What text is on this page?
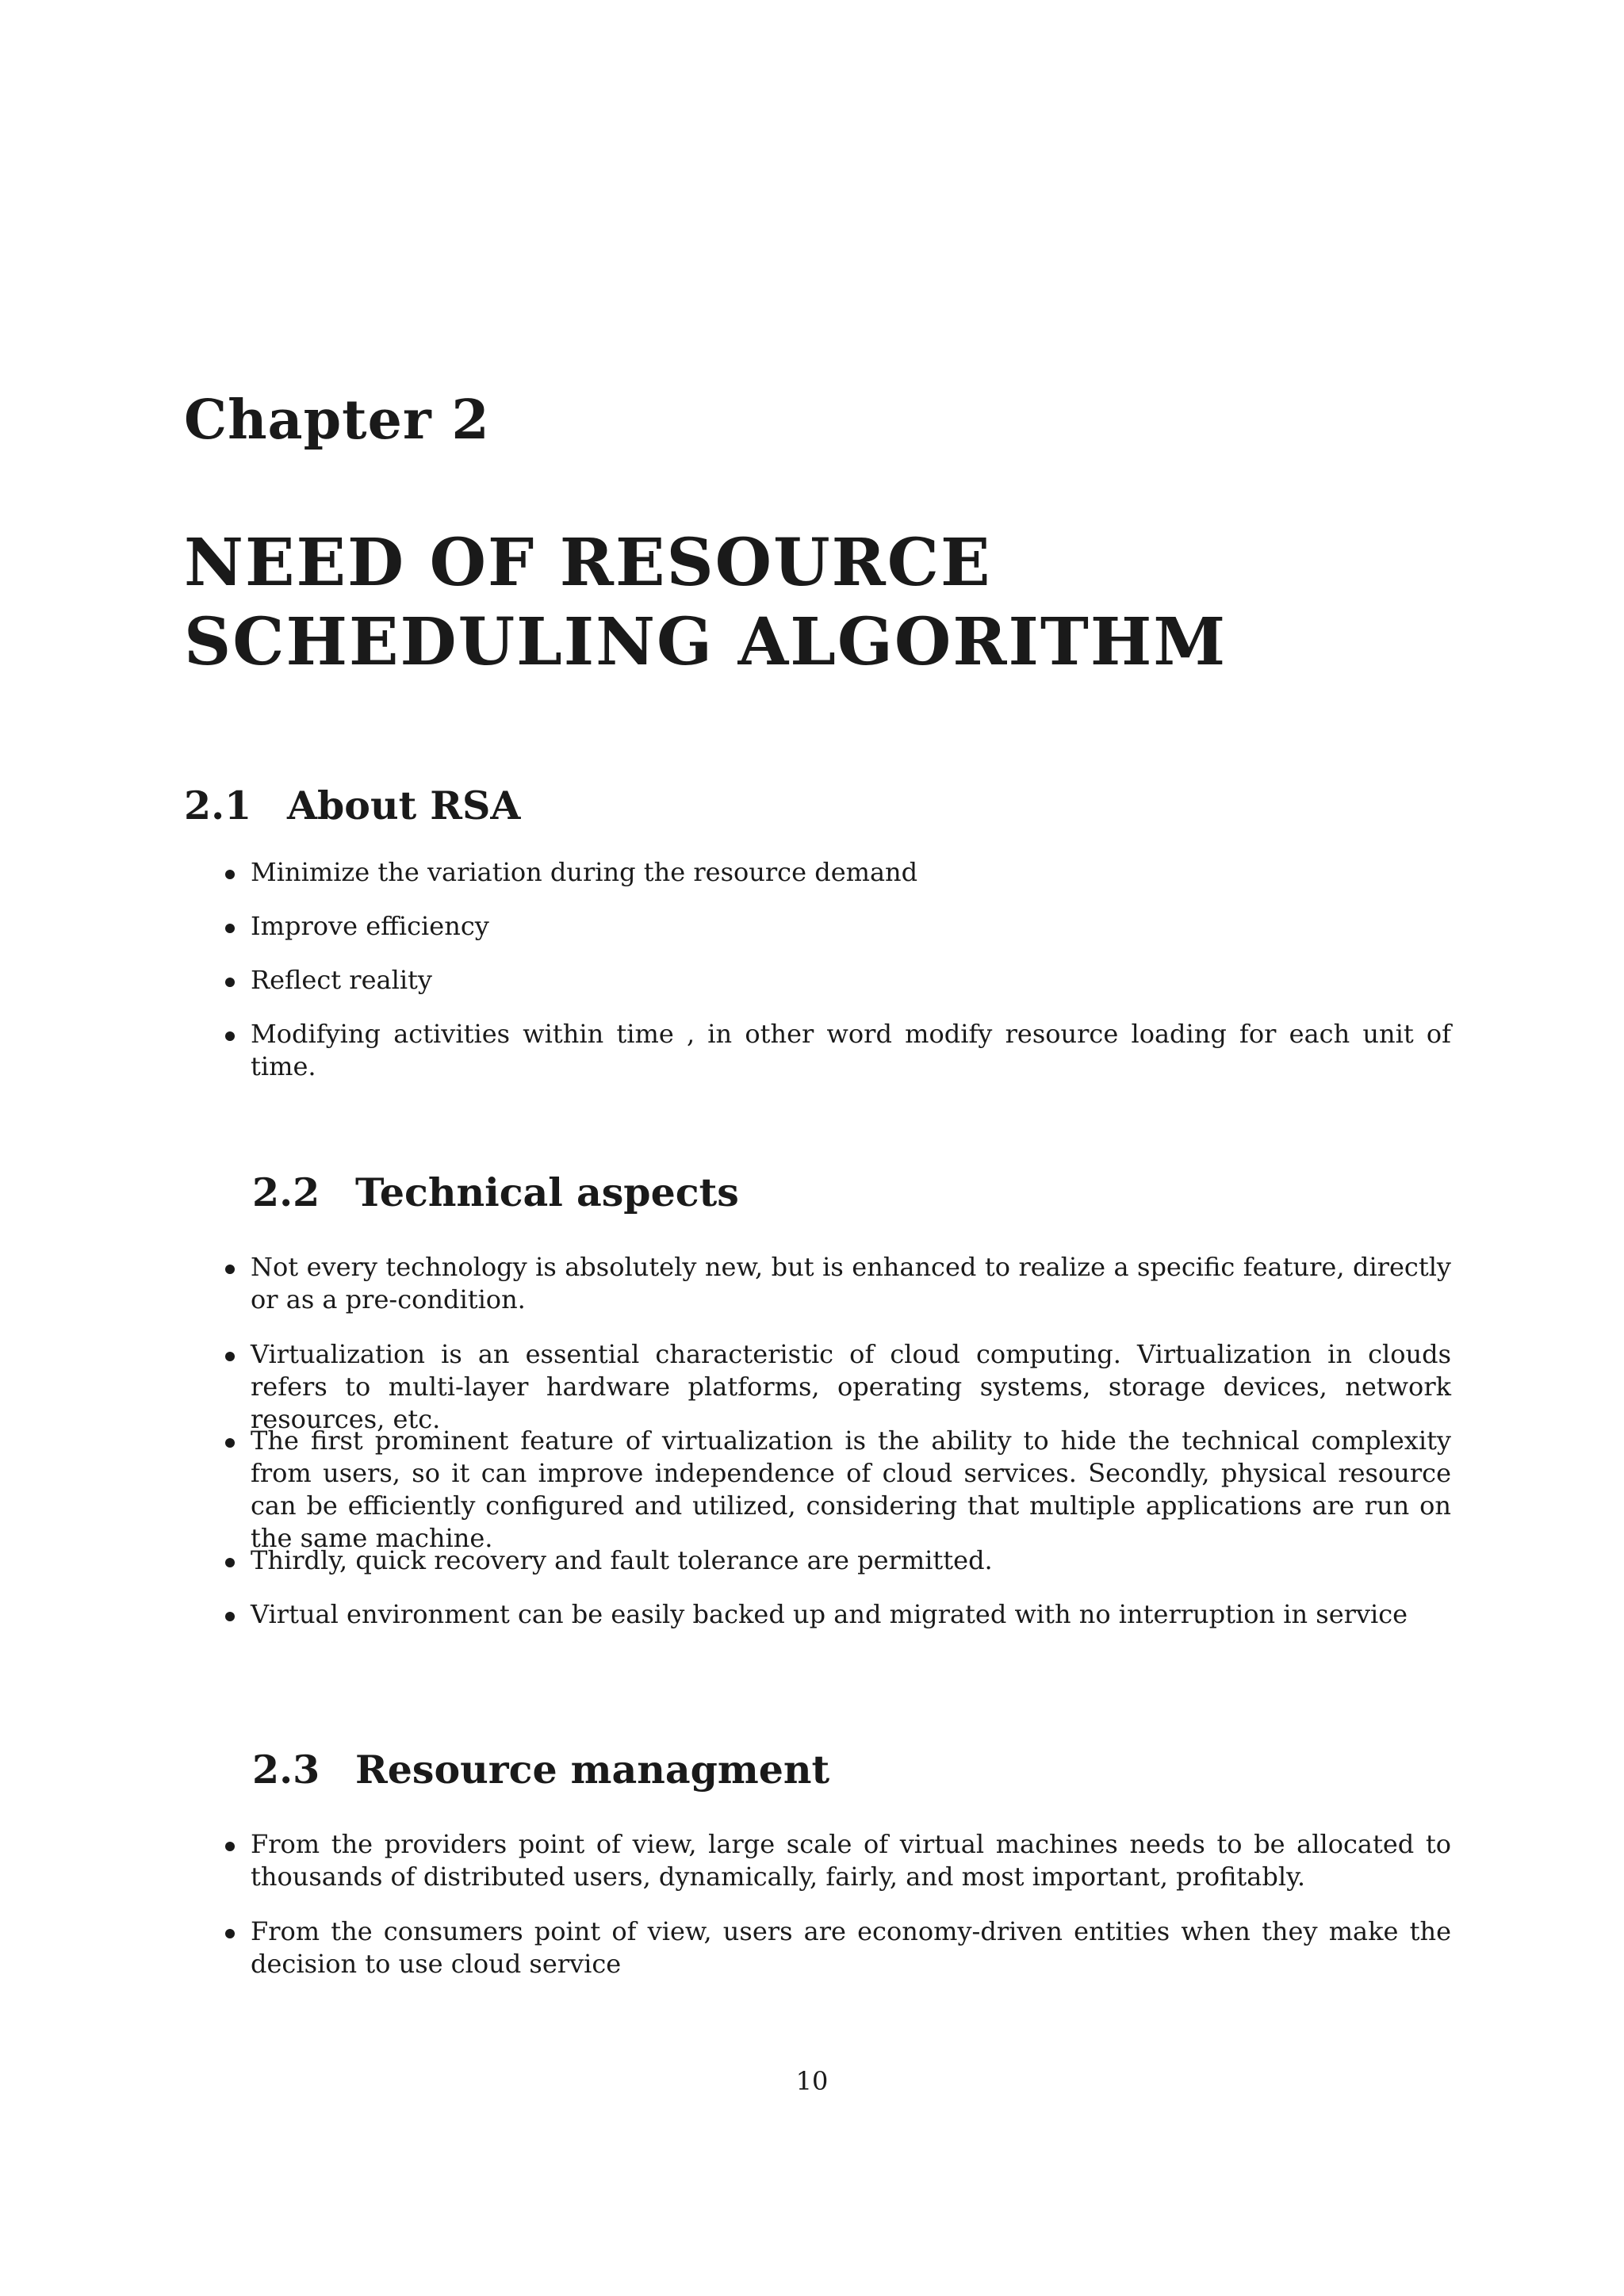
Chapter 2
NEED OF RESOURCE
SCHEDULING ALGORITHM
2.1 About RSA
Minimize the variation during the resource demand
Improve efficiency
Reflect reality
Modifying activities within time , in other word modify resource loading for each unit of time.
2.2 Technical aspects
Not every technology is absolutely new, but is enhanced to realize a specific feature, directly or as a pre-condition.
Virtualization is an essential characteristic of cloud computing. Virtualization in clouds refers to multi-layer hardware platforms, operating systems, storage devices, network resources, etc.
The first prominent feature of virtualization is the ability to hide the technical complexity from users, so it can improve independence of cloud services. Secondly, physical resource can be efficiently configured and utilized, considering that multiple applications are run on the same machine.
Thirdly, quick recovery and fault tolerance are permitted.
Virtual environment can be easily backed up and migrated with no interruption in service
2.3 Resource managment
From the providers point of view, large scale of virtual machines needs to be allocated to thousands of distributed users, dynamically, fairly, and most important, profitably.
From the consumers point of view, users are economy-driven entities when they make the decision to use cloud service
10
